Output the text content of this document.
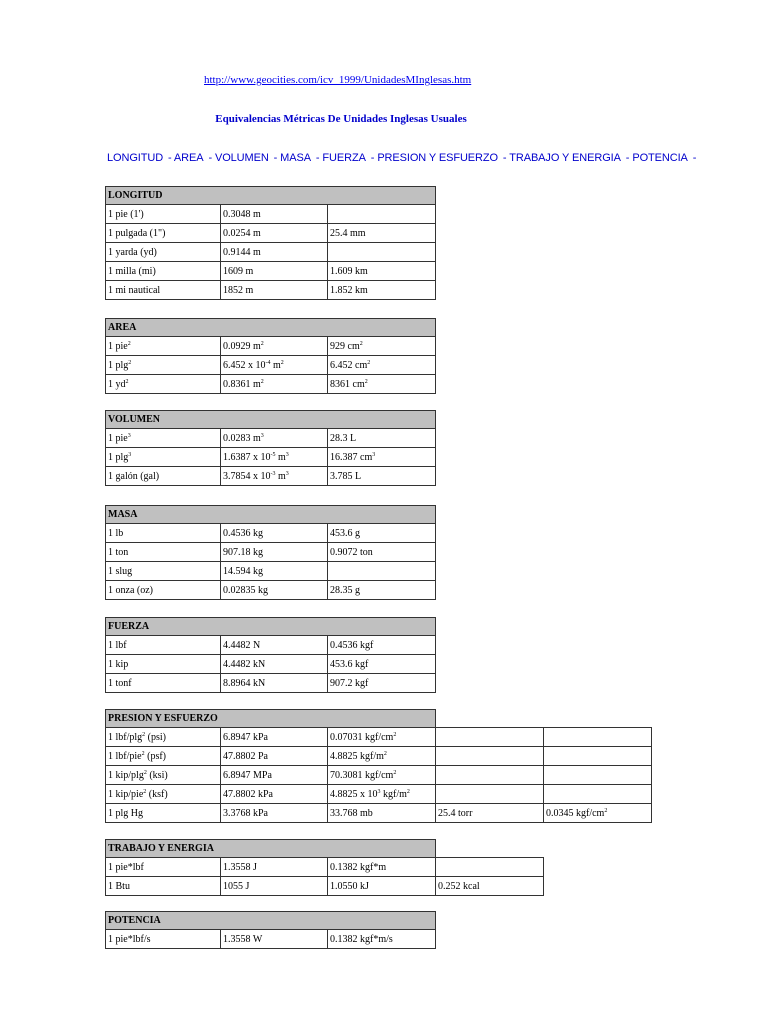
http://www.geocities.com/icv_1999/UnidadesMInglesas.htm
Equivalencias Métricas De Unidades Inglesas Usuales
LONGITUD - AREA - VOLUMEN - MASA - FUERZA - PRESION Y ESFUERZO - TRABAJO Y ENERGIA - POTENCIA -
LONGITUD		
1 pie (1')	0.3048 m	
1 pulgada (1")	0.0254 m	25.4 mm
1 yarda (yd)	0.9144 m	
1 milla (mi)	1609 m	1.609 km
1 mi nautical	1852 m	1.852 km
AREA		
1 pie$^2$	0.0929 $m^2$	929 $cm^2$
1 plg$^2$	6.452 x $10^{-4}$ $m^2$	6.452 $cm^2$
1 $yd^2$	0.8361 $m^2$	8361 $cm^2$
VOLUMEN		
1 pie$^3$	0.0283 $m^3$	28.3 L
1 plg$^3$	1.6387 x $10^{-5}$ $m^3$	16.387 $cm^3$
1 galón (gal)	3.7854 x $10^{-3}$ $m^3$	3.785 L
MASA		
1 lb	0.4536 kg	453.6 g
1 ton	907.18 kg	0.9072 ton
1 slug	14.594 kg	
1 onza (oz)	0.02835 kg	28.35 g
FUERZA		
1 lbf	4.4482 N	0.4536 kgf
1 kip	4.4482 kN	453.6 kgf
1 tonf	8.8964 kN	907.2 kgf
PRESION Y ESFUERZO				
1 lbf/plg$^2$ (psi)	6.8947 kPa	0.07031 kgf/$cm^2$		
1 lbf/pie$^2$ (psf)	47.8802 Pa	4.8825 kgf/$m^2$		
1 kip/plg$^2$ (ksi)	6.8947 MPa	70.3081 kgf/$cm^2$		
1 kip/pie$^2$ (ksf)	47.8802 kPa	4.8825 x $10^3$ kgf/$m^2$		
1 plg Hg	3.3768 kPa	33.768 mb	25.4 torr	0.0345 kgf/$cm^2$
TRABAJO Y ENERGIA			
1 pie*lbf	1.3558 J	0.1382 kgf*m	
1 Btu	1055 J	1.0550 kJ	0.252 kcal
POTENCIA
1 pie*lbf/s	1.3558 W	0.1382 kgf*m/s
